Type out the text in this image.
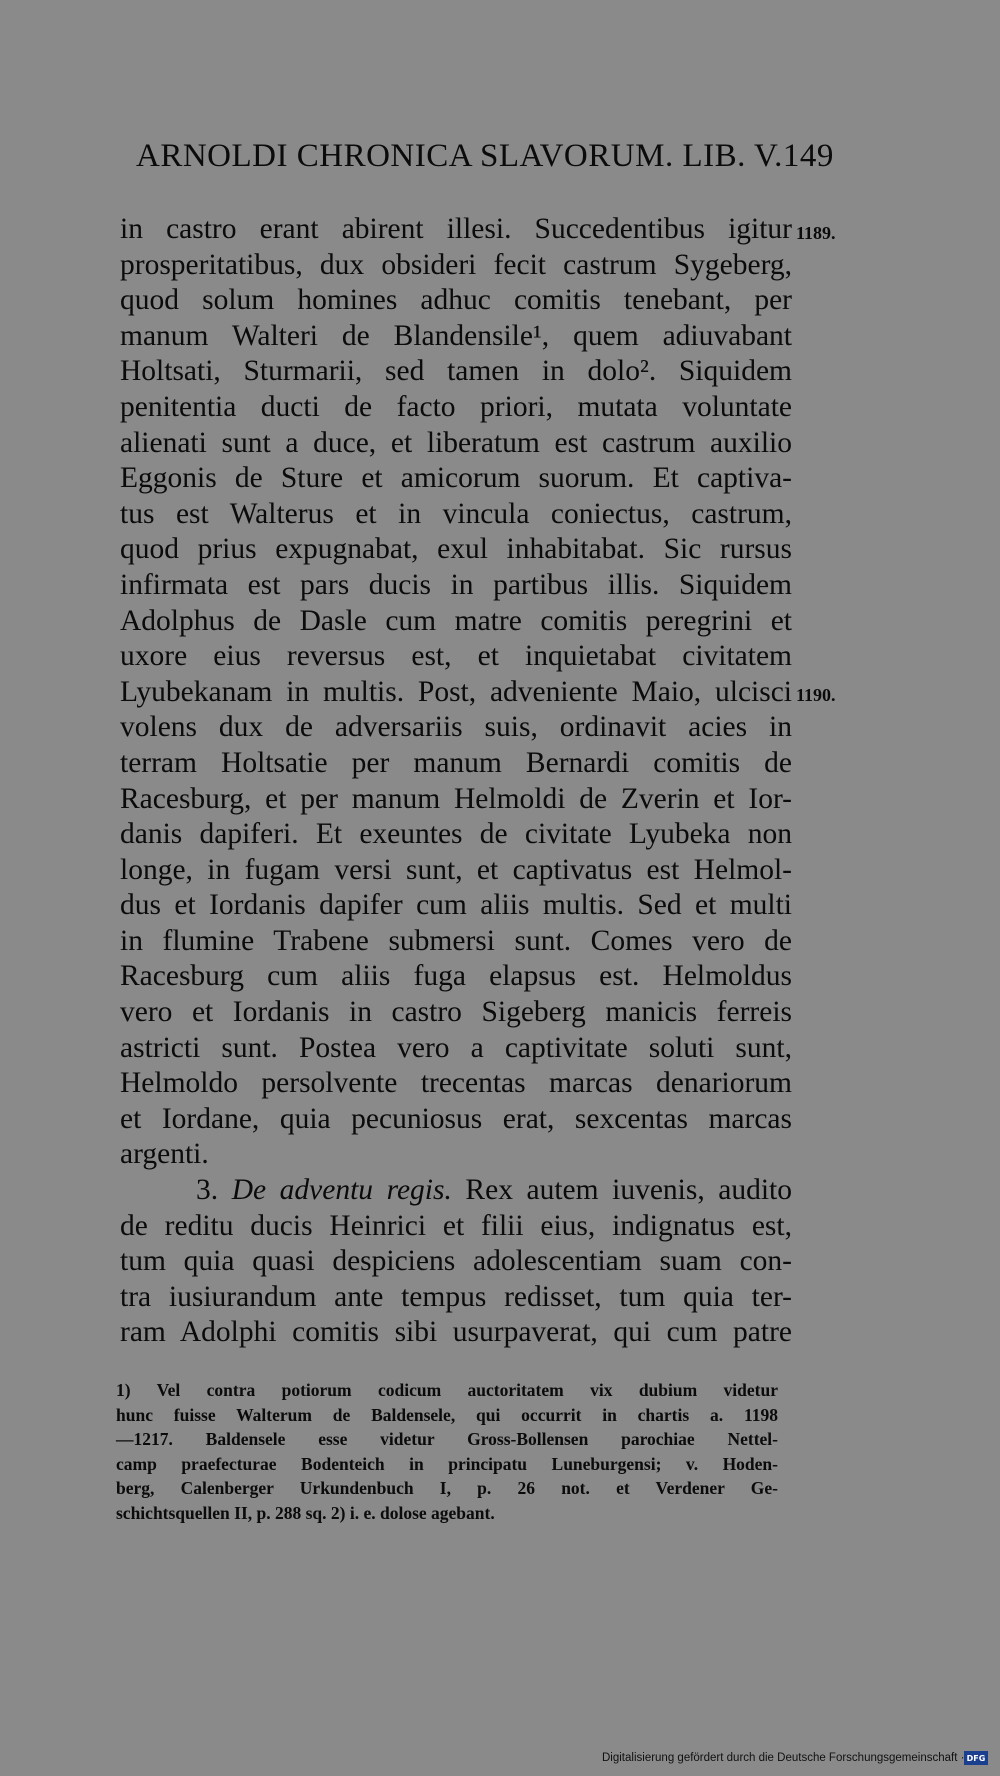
ARNOLDI CHRONICA SLAVORUM. LIB. V. 149
in castro erant abirent illesi. Succedentibus igitur
prosperitatibus, dux obsideri fecit castrum Sygeberg,
quod solum homines adhuc comitis tenebant, per
manum Walteri de Blandensile¹, quem adiuvabant
Holtsati, Sturmarii, sed tamen in dolo². Siquidem
penitentia ducti de facto priori, mutata voluntate
alienati sunt a duce, et liberatum est castrum auxilio
Eggonis de Sture et amicorum suorum. Et captiva-
tus est Walterus et in vincula coniectus, castrum,
quod prius expugnabat, exul inhabitabat. Sic rursus
infirmata est pars ducis in partibus illis. Siquidem
Adolphus de Dasle cum matre comitis peregrini et
uxore eius reversus est, et inquietabat civitatem
Lyubekanam in multis. Post, adveniente Maio, ulcisci
volens dux de adversariis suis, ordinavit acies in
terram Holtsatie per manum Bernardi comitis de
Racesburg, et per manum Helmoldi de Zverin et Ior-
danis dapiferi. Et exeuntes de civitate Lyubeka non
longe, in fugam versi sunt, et captivatus est Helmol-
dus et Iordanis dapifer cum aliis multis. Sed et multi
in flumine Trabene submersi sunt. Comes vero de
Racesburg cum aliis fuga elapsus est. Helmoldus
vero et Iordanis in castro Sigeberg manicis ferreis
astricti sunt. Postea vero a captivitate soluti sunt,
Helmoldo persolvente trecentas marcas denariorum
et Iordane, quia pecuniosus erat, sexcentas marcas
argenti.
3. De adventu regis. Rex autem iuvenis, audito
de reditu ducis Heinrici et filii eius, indignatus est,
tum quia quasi despiciens adolescentiam suam con-
tra iusiurandum ante tempus redisset, tum quia ter-
ram Adolphi comitis sibi usurpaverat, qui cum patre
1189.
1190.
1) Vel contra potiorum codicum auctoritatem vix dubium videtur
hunc fuisse Walterum de Baldensele, qui occurrit in chartis a. 1198
—1217. Baldensele esse videtur Gross-Bollensen parochiae Nettel-
camp praefecturae Bodenteich in principatu Luneburgensi; v. Hoden-
berg, Calenberger Urkundenbuch I, p. 26 not. et Verdener Ge-
schichtsquellen II, p. 288 sq. 2) i. e. dolose agebant.
Digitalisierung gefördert durch die Deutsche Forschungsgemeinschaft · DFG
